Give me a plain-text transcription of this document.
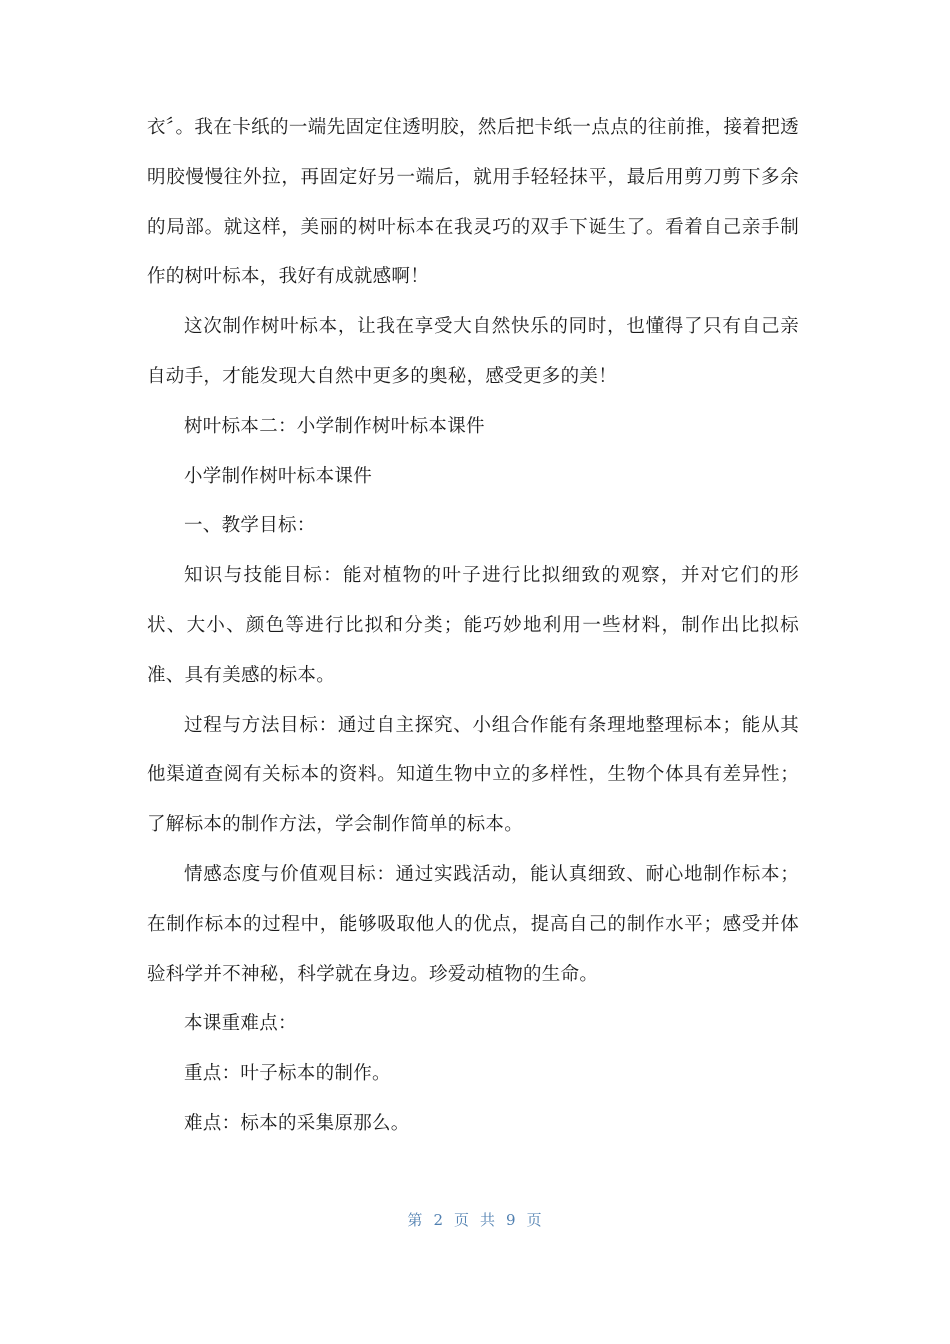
衣〞。我在卡纸的一端先固定住透明胶，然后把卡纸一点点的往前推，接着把透明胶慢慢往外拉，再固定好另一端后，就用手轻轻抹平，最后用剪刀剪下多余的局部。就这样，美丽的树叶标本在我灵巧的双手下诞生了。看着自己亲手制作的树叶标本，我好有成就感啊！

这次制作树叶标本，让我在享受大自然快乐的同时，也懂得了只有自己亲自动手，才能发现大自然中更多的奥秘，感受更多的美！

树叶标本二：小学制作树叶标本课件

小学制作树叶标本课件

一、教学目标：

知识与技能目标：能对植物的叶子进行比拟细致的观察，并对它们的形状、大小、颜色等进行比拟和分类；能巧妙地利用一些材料，制作出比拟标准、具有美感的标本。

过程与方法目标：通过自主探究、小组合作能有条理地整理标本；能从其他渠道查阅有关标本的资料。知道生物中立的多样性，生物个体具有差异性；了解标本的制作方法，学会制作简单的标本。

情感态度与价值观目标：通过实践活动，能认真细致、耐心地制作标本；在制作标本的过程中，能够吸取他人的优点，提高自己的制作水平；感受并体验科学并不神秘，科学就在身边。珍爱动植物的生命。

本课重难点：

重点：叶子标本的制作。

难点：标本的采集原那么。

第 2 页 共 9 页
